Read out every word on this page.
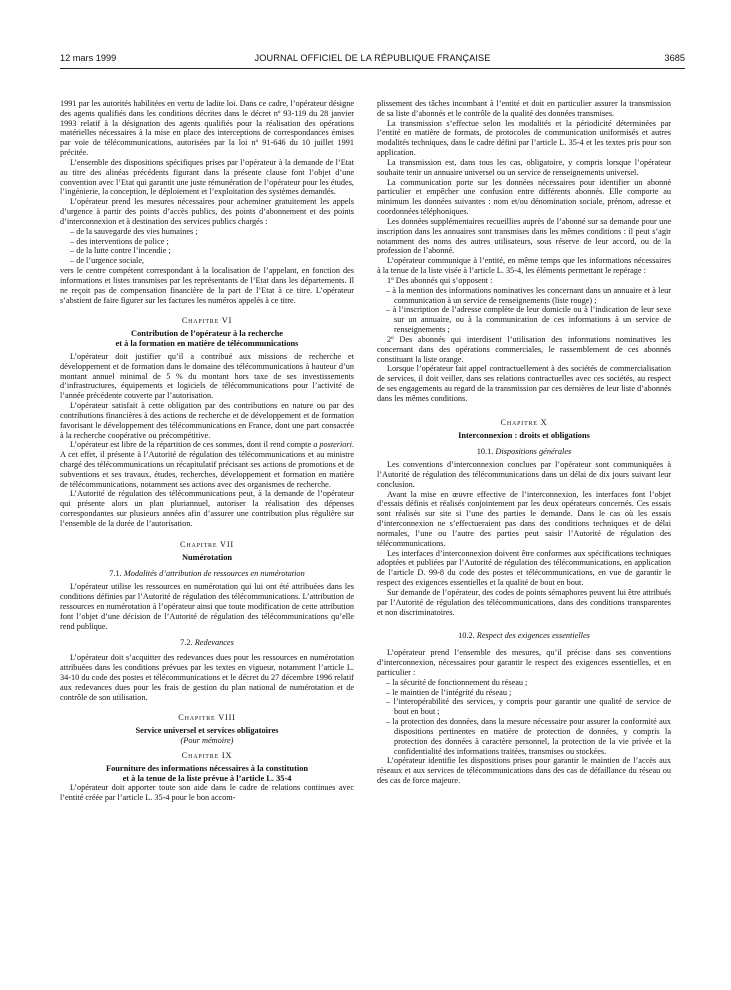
12 mars 1999	JOURNAL OFFICIEL DE LA RÉPUBLIQUE FRANÇAISE	3685

1991 par les autorités habilitées en vertu de ladite loi. Dans ce cadre, l’opérateur désigne des agents qualifiés dans les conditions décrites dans le décret nº 93-119 du 28 janvier 1993 relatif à la désignation des agents qualifiés pour la réalisation des opérations matérielles nécessaires à la mise en place des interceptions de correspondances émises par voie de télécommunications, autorisées par la loi nº 91-646 du 10 juillet 1991 précitée.

L’ensemble des dispositions spécifiques prises par l’opérateur à la demande de l’Etat au titre des alinéas précédents figurant dans la présente clause font l’objet d’une convention avec l’Etat qui garantit une juste rémunération de l’opérateur pour les études, l’ingénierie, la conception, le déploiement et l’exploitation des systèmes demandés.

L’opérateur prend les mesures nécessaires pour acheminer gratuitement les appels d’urgence à partir des points d’accès publics, des points d’abonnement et des points d’interconnexion et à destination des services publics chargés :

– de la sauvegarde des vies humaines ;

– des interventions de police ;

– de la lutte contre l’incendie ;

– de l’urgence sociale,

vers le centre compétent correspondant à la localisation de l’appelant, en fonction des informations et listes transmises par les représentants de l’Etat dans les départements. Il ne reçoit pas de compensation financière de la part de l’Etat à ce titre. L’opérateur s’abstient de faire figurer sur les factures les numéros appelés à ce titre.

Chapitre VI
Contribution de l’opérateur à la recherche
et à la formation en matière de télécommunications

L’opérateur doit justifier qu’il a contribué aux missions de recherche et développement et de formation dans le domaine des télécommunications à hauteur d’un montant annuel minimal de 5 % du montant hors taxe de ses investissements d’infrastructures, équipements et logiciels de télécommunications pour l’activité de l’année précédente couverte par l’autorisation.

L’opérateur satisfait à cette obligation par des contributions en nature ou par des contributions financières à des actions de recherche et de développement et de formation favorisant le développement des télécommunications en France, dont une part consacrée à la recherche coopérative ou précompétitive.

L’opérateur est libre de la répartition de ces sommes, dont il rend compte a posteriori. A cet effet, il présente à l’Autorité de régulation des télécommunications et au ministre chargé des télécommunications un récapitulatif précisant ses actions de promotions et de subventions et ses travaux, études, recherches, développement et formation en matière de télécommunications, notamment ses actions avec des organismes de recherche.

L’Autorité de régulation des télécommunications peut, à la demande de l’opérateur qui présente alors un plan pluriannuel, autoriser la réalisation des dépenses correspondantes sur plusieurs années afin d’assurer une contribution plus régulière sur l’ensemble de la durée de l’autorisation.

Chapitre VII
Numérotation
7.1. Modalités d’attribution de ressources en numérotation

L’opérateur utilise les ressources en numérotation qui lui ont été attribuées dans les conditions définies par l’Autorité de régulation des télécommunications. L’attribution de ressources en numérotation à l’opérateur ainsi que toute modification de cette attribution font l’objet d’une décision de l’Autorité de régulation des télécommunications qu’elle rend publique.

7.2. Redevances

L’opérateur doit s’acquitter des redevances dues pour les ressources en numérotation attribuées dans les conditions prévues par les textes en vigueur, notamment l’article L. 34-10 du code des postes et télécommunications et le décret du 27 décembre 1996 relatif aux redevances dues pour les frais de gestion du plan national de numérotation et de contrôle de son utilisation.

Chapitre VIII
Service universel et services obligatoires
(Pour mémoire)
Chapitre IX
Fourniture des informations nécessaires à la constitution
et à la tenue de la liste prévue à l’article L. 35-4

L’opérateur doit apporter toute son aide dans le cadre de relations continues avec l’entité créée par l’article L. 35-4 pour le bon accom-

plissement des tâches incombant à l’entité et doit en particulier assurer la transmission de sa liste d’abonnés et le contrôle de la qualité des données transmises.

La transmission s’effectue selon les modalités et la périodicité déterminées par l’entité en matière de formats, de protocoles de communication uniformisés et autres modalités techniques, dans le cadre défini par l’article L. 35-4 et les textes pris pour son application.

La transmission est, dans tous les cas, obligatoire, y compris lorsque l’opérateur souhaite tenir un annuaire universel ou un service de renseignements universel.

La communication porte sur les données nécessaires pour identifier un abonné particulier et empêcher une confusion entre différents abonnés. Elle comporte au minimum les données suivantes : nom et/ou dénomination sociale, prénom, adresse et coordonnées téléphoniques.

Les données supplémentaires recueillies auprès de l’abonné sur sa demande pour une inscription dans les annuaires sont transmises dans les mêmes conditions : il peut s’agir notamment des noms des autres utilisateurs, sous réserve de leur accord, ou de la profession de l’abonné.

L’opérateur communique à l’entité, en même temps que les informations nécessaires à la tenue de la liste visée à l’article L. 35-4, les éléments permettant le repérage :

1º Des abonnés qui s’opposent :

– à la mention des informations nominatives les concernant dans un annuaire et à leur communication à un service de renseignements (liste rouge) ;

– à l’inscription de l’adresse complète de leur domicile ou à l’indication de leur sexe sur un annuaire, ou à la communication de ces informations à un service de renseignements ;

2º Des abonnés qui interdisent l’utilisation des informations nominatives les concernant dans des opérations commerciales, le rassemblement de ces abonnés constituant la liste orange.

Lorsque l’opérateur fait appel contractuellement à des sociétés de commercialisation de services, il doit veiller, dans ses relations contractuelles avec ces sociétés, au respect de ses engagements au regard de la transmission par ces dernières de leur liste d’abonnés dans les mêmes conditions.

Chapitre X
Interconnexion : droits et obligations
10.1. Dispositions générales

Les conventions d’interconnexion conclues par l’opérateur sont communiquées à l’Autorité de régulation des télécommunications dans un délai de dix jours suivant leur conclusion.

Avant la mise en œuvre effective de l’interconnexion, les interfaces font l’objet d’essais définis et réalisés conjointement par les deux opérateurs concernés. Ces essais sont réalisés sur site si l’une des parties le demande. Dans le cas où les essais d’interconnexion ne s’effectueraient pas dans des conditions techniques et de délai normales, l’une ou l’autre des parties peut saisir l’Autorité de régulation des télécommunications.

Les interfaces d’interconnexion doivent être conformes aux spécifications techniques adoptées et publiées par l’Autorité de régulation des télécommunications, en application de l’article D. 99-8 du code des postes et télécommunications, en vue de garantir le respect des exigences essentielles et la qualité de bout en bout.

Sur demande de l’opérateur, des codes de points sémaphores peuvent lui être attribués par l’Autorité de régulation des télécommunications, dans des conditions transparentes et non discriminatoires.

10.2. Respect des exigences essentielles

L’opérateur prend l’ensemble des mesures, qu’il précise dans ses conventions d’interconnexion, nécessaires pour garantir le respect des exigences essentielles, et en particulier :

– la sécurité de fonctionnement du réseau ;

– le maintien de l’intégrité du réseau ;

– l’interopérabilité des services, y compris pour garantir une qualité de service de bout en bout ;

– la protection des données, dans la mesure nécessaire pour assurer la conformité aux dispositions pertinentes en matière de protection de données, y compris la protection des données à caractère personnel, la protection de la vie privée et la confidentialité des informations traitées, transmises ou stockées.

L’opérateur identifie les dispositions prises pour garantir le maintien de l’accès aux réseaux et aux services de télécommunications dans des cas de défaillance du réseau ou des cas de force majeure.
